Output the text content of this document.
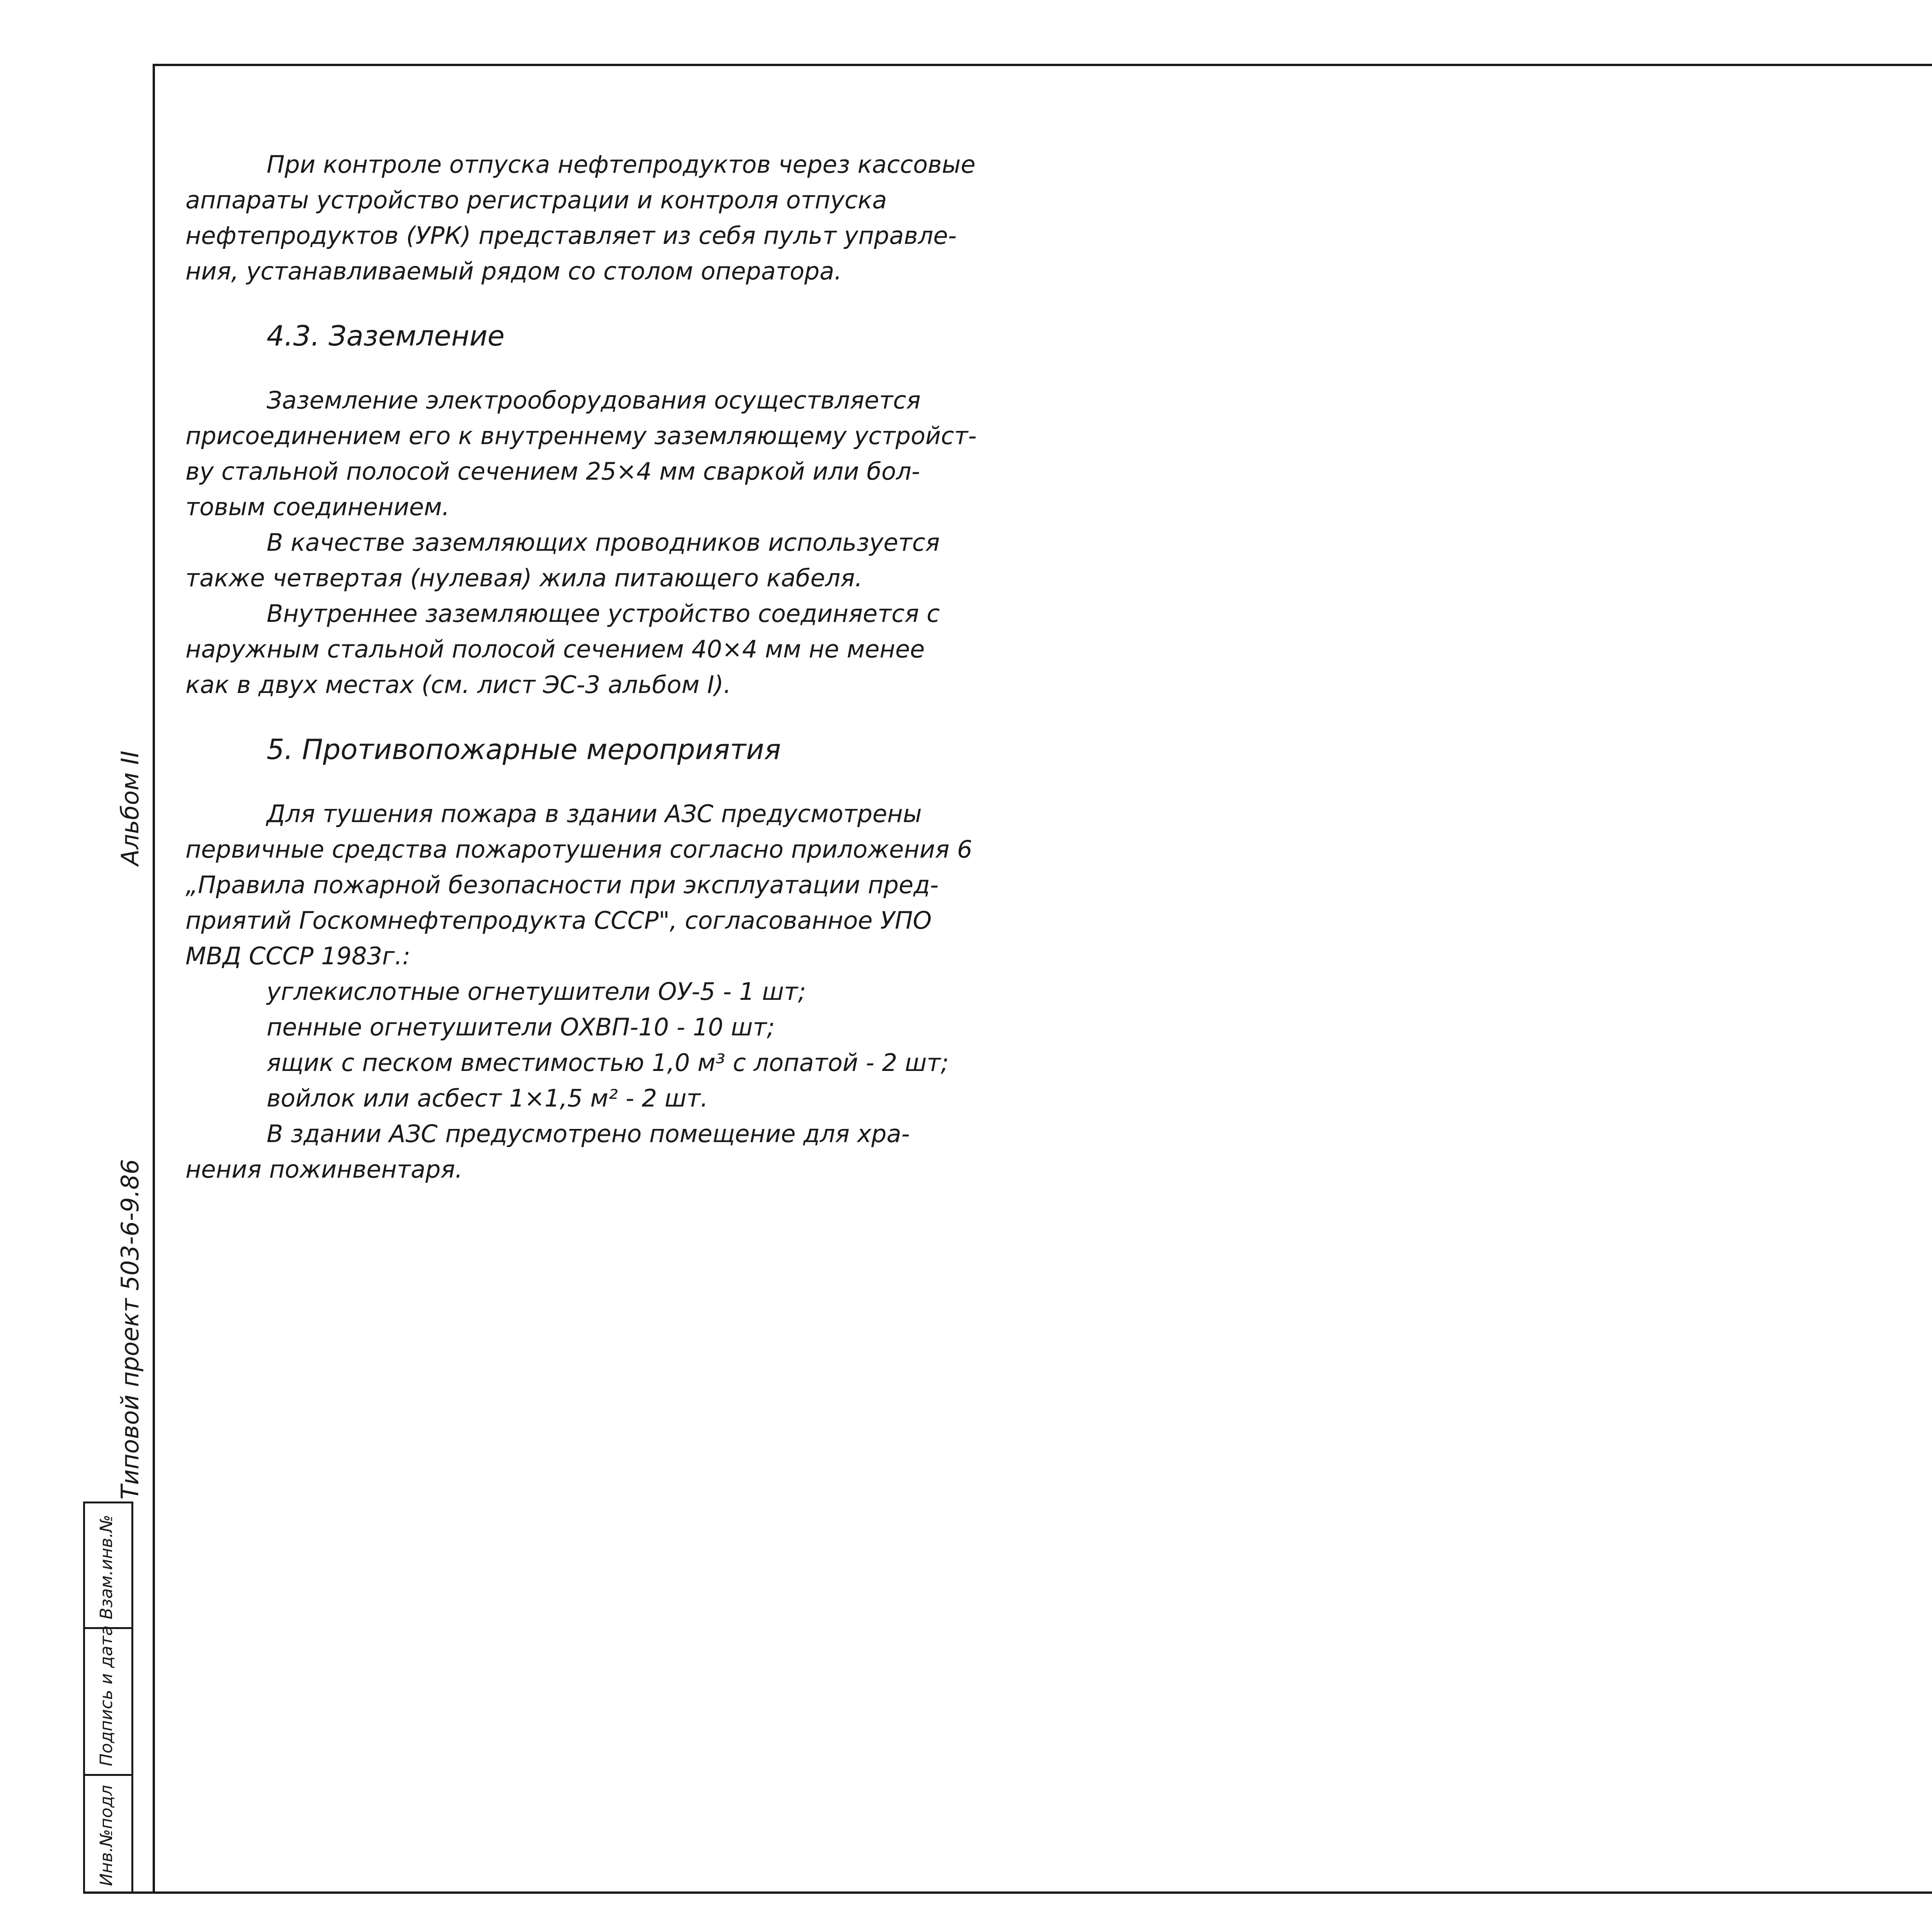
Альбом II
Типовой проект 503-6-9.86
Взам.инв.№
Подпись и дата
Инв.№подл
При контроле отпуска нефтепродуктов через кассовые
аппараты устройство регистрации и контроля отпуска
нефтепродуктов (УРК) представляет из себя пульт управле-
ния, устанавливаемый рядом со столом оператора.
4.3. Заземление
Заземление электрооборудования осуществляется
присоединением его к внутреннему заземляющему устройст-
ву стальной полосой сечением 25×4 мм сваркой или бол-
товым соединением.
В качестве заземляющих проводников используется
также четвертая (нулевая) жила питающего кабеля.
Внутреннее заземляющее устройство соединяется с
наружным стальной полосой сечением 40×4 мм не менее
как в двух местах (см. лист ЭС-3 альбом I).
5. Противопожарные мероприятия
Для тушения пожара в здании АЗС предусмотрены
первичные средства пожаротушения согласно приложения 6
„Правила пожарной безопасности при эксплуатации пред-
приятий Госкомнефтепродукта СССР", согласованное УПО
МВД СССР 1983г.:
углекислотные огнетушители ОУ-5 - 1 шт;
пенные огнетушители ОХВП-10 - 10 шт;
ящик с песком вместимостью 1,0 м³ с лопатой - 2 шт;
войлок или асбест 1×1,5 м² - 2 шт.
В здании АЗС предусмотрено помещение для хра-
нения пожинвентаря.
